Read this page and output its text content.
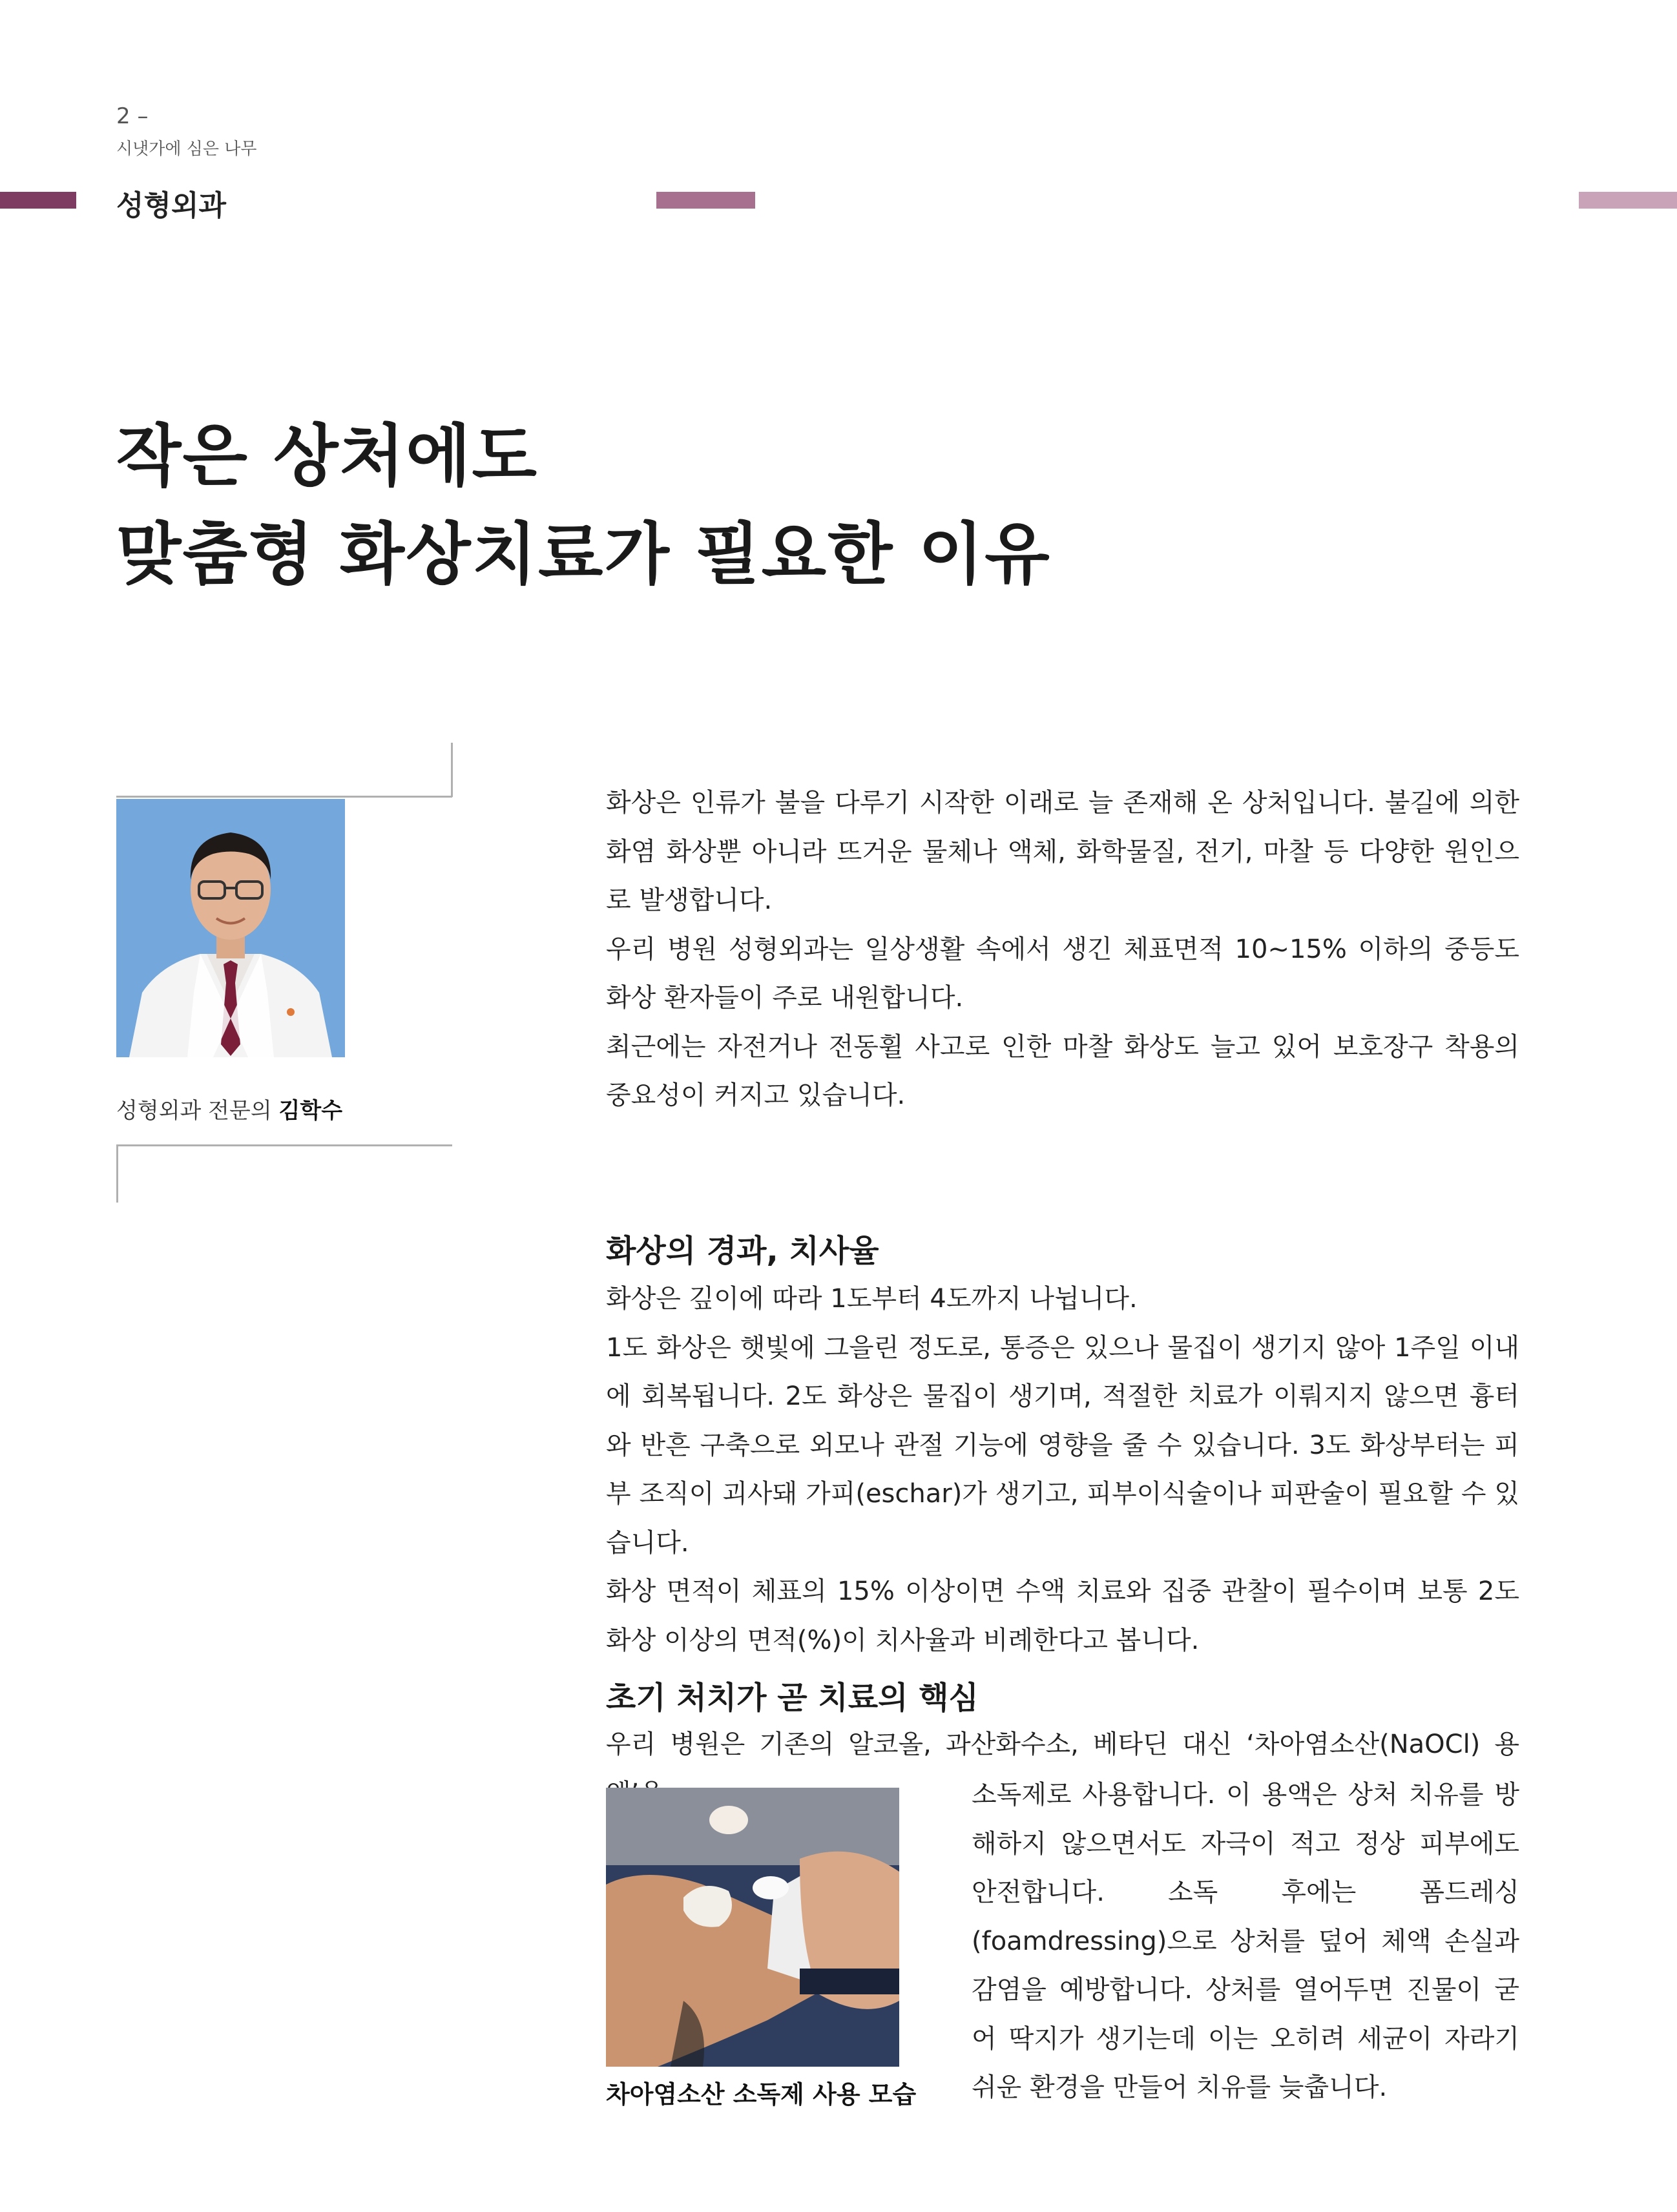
2 –
시냇가에 심은 나무
성형외과
작은 상처에도
맞춤형 화상치료가 필요한 이유
성형외과 전문의 김학수

화상은 인류가 불을 다루기 시작한 이래로 늘 존재해 온 상처입니다. 불길에 의한 화염 화상뿐 아니라 뜨거운 물체나 액체, 화학물질, 전기, 마찰 등 다양한 원인으로 발생합니다.

우리 병원 성형외과는 일상생활 속에서 생긴 체표면적 10~15% 이하의 중등도 화상 환자들이 주로 내원합니다.

최근에는 자전거나 전동휠 사고로 인한 마찰 화상도 늘고 있어 보호장구 착용의 중요성이 커지고 있습니다.

화상의 경과, 치사율

화상은 깊이에 따라 1도부터 4도까지 나뉩니다.

1도 화상은 햇빛에 그을린 정도로, 통증은 있으나 물집이 생기지 않아 1주일 이내에 회복됩니다. 2도 화상은 물집이 생기며, 적절한 치료가 이뤄지지 않으면 흉터와 반흔 구축으로 외모나 관절 기능에 영향을 줄 수 있습니다. 3도 화상부터는 피부 조직이 괴사돼 가피(eschar)가 생기고, 피부이식술이나 피판술이 필요할 수 있습니다.

화상 면적이 체표의 15% 이상이면 수액 치료와 집중 관찰이 필수이며 보통 2도 화상 이상의 면적(%)이 치사율과 비례한다고 봅니다.

초기 처치가 곧 치료의 핵심
우리 병원은 기존의 알코올, 과산화수소, 베타딘 대신 ‘차아염소산(NaOCl) 용
차아염소산 소독제 사용 모습
소독제로 사용합니다. 이 용액은 상처 치유를 방해하지 않으면서도 자극이 적고 정상 피부에도 안전합니다. 소독 후에는 폼드레싱(foamdressing)으로 상처를 덮어 체액 손실과 감염을 예방합니다. 상처를 열어두면 진물이 굳어 딱지가 생기는데 이는 오히려 세균이 자라기 쉬운 환경을 만들어 치유를 늦춥니다.
